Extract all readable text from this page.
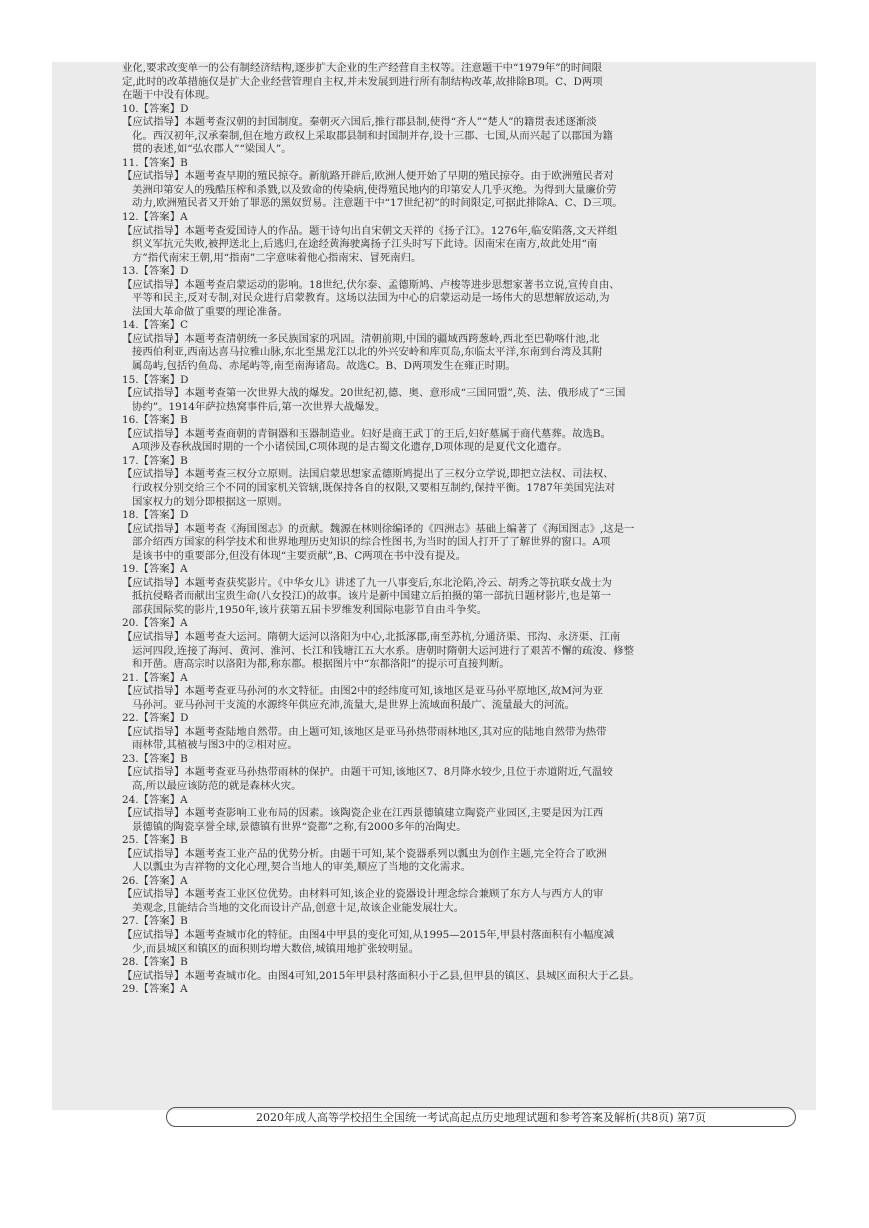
业化,要求改变单一的公有制经济结构,逐步扩大企业的生产经营自主权等。注意题干中“1979年”的时间限
定,此时的改革措施仅是扩大企业经营管理自主权,并未发展到进行所有制结构改革,故排除B项。C、D两项
在题干中没有体现。
10.【答案】D
【应试指导】本题考查汉朝的封国制度。秦朝灭六国后,推行郡县制,使得“齐人”“楚人”的籍贯表述逐渐淡
化。西汉初年,汉承秦制,但在地方政权上采取郡县制和封国制并存,设十三郡、七国,从而兴起了以郡国为籍
贯的表述,如“弘农郡人”“梁国人”。
11.【答案】B
【应试指导】本题考查早期的殖民掠夺。新航路开辟后,欧洲人便开始了早期的殖民掠夺。由于欧洲殖民者对
美洲印第安人的残酷压榨和杀戮,以及致命的传染病,使得殖民地内的印第安人几乎灭绝。为得到大量廉价劳
动力,欧洲殖民者又开始了罪恶的黑奴贸易。注意题干中“17世纪初”的时间限定,可据此排除A、C、D三项。
12.【答案】A
【应试指导】本题考查爱国诗人的作品。题干诗句出自宋朝文天祥的《扬子江》。1276年,临安陷落,文天祥组
织义军抗元失败,被押送北上,后逃归,在途经黄海驶离扬子江头时写下此诗。因南宋在南方,故此处用“南
方”指代南宋王朝,用“指南”二字意味着他心指南宋、冒死南归。
13.【答案】D
【应试指导】本题考查启蒙运动的影响。18世纪,伏尔泰、孟德斯鸠、卢梭等进步思想家著书立说,宣传自由、
平等和民主,反对专制,对民众进行启蒙教育。这场以法国为中心的启蒙运动是一场伟大的思想解放运动,为
法国大革命做了重要的理论准备。
14.【答案】C
【应试指导】本题考查清朝统一多民族国家的巩固。清朝前期,中国的疆域西跨葱岭,西北至巴勒喀什池,北
接西伯利亚,西南达喜马拉雅山脉,东北至黑龙江以北的外兴安岭和库页岛,东临太平洋,东南到台湾及其附
属岛屿,包括钓鱼岛、赤尾屿等,南至南海诸岛。故选C。B、D两项发生在雍正时期。
15.【答案】D
【应试指导】本题考查第一次世界大战的爆发。20世纪初,德、奥、意形成“三国同盟”,英、法、俄形成了“三国
协约”。1914年萨拉热窝事件后,第一次世界大战爆发。
16.【答案】B
【应试指导】本题考查商朝的青铜器和玉器制造业。妇好是商王武丁的王后,妇好墓属于商代墓葬。故选B。
A项涉及春秋战国时期的一个小诸侯国,C项体现的是古蜀文化遗存,D项体现的是夏代文化遗存。
17.【答案】B
【应试指导】本题考查三权分立原则。法国启蒙思想家孟德斯鸠提出了三权分立学说,即把立法权、司法权、
行政权分别交给三个不同的国家机关管辖,既保持各自的权限,又要相互制约,保持平衡。1787年美国宪法对
国家权力的划分即根据这一原则。
18.【答案】D
【应试指导】本题考查《海国图志》的贡献。魏源在林则徐编译的《四洲志》基础上编著了《海国图志》,这是一
部介绍西方国家的科学技术和世界地理历史知识的综合性图书,为当时的国人打开了了解世界的窗口。A项
是该书中的重要部分,但没有体现“主要贡献”,B、C两项在书中没有提及。
19.【答案】A
【应试指导】本题考查获奖影片。《中华女儿》讲述了九一八事变后,东北沦陷,冷云、胡秀之等抗联女战士为
抵抗侵略者而献出宝贵生命(八女投江)的故事。该片是新中国建立后拍摄的第一部抗日题材影片,也是第一
部获国际奖的影片,1950年,该片获第五届卡罗维发利国际电影节自由斗争奖。
20.【答案】A
【应试指导】本题考查大运河。隋朝大运河以洛阳为中心,北抵涿郡,南至苏杭,分通济渠、邗沟、永济渠、江南
运河四段,连接了海河、黄河、淮河、长江和钱塘江五大水系。唐朝时隋朝大运河进行了艰苦不懈的疏浚、修整
和开凿。唐高宗时以洛阳为都,称东都。根据图片中“东都洛阳”的提示可直接判断。
21.【答案】A
【应试指导】本题考查亚马孙河的水文特征。由图2中的经纬度可知,该地区是亚马孙平原地区,故M河为亚
马孙河。亚马孙河干支流的水源终年供应充沛,流量大,是世界上流域面积最广、流量最大的河流。
22.【答案】D
【应试指导】本题考查陆地自然带。由上题可知,该地区是亚马孙热带雨林地区,其对应的陆地自然带为热带
雨林带,其植被与图3中的②相对应。
23.【答案】B
【应试指导】本题考查亚马孙热带雨林的保护。由题干可知,该地区7、8月降水较少,且位于赤道附近,气温较
高,所以最应该防范的就是森林火灾。
24.【答案】A
【应试指导】本题考查影响工业布局的因素。该陶瓷企业在江西景德镇建立陶瓷产业园区,主要是因为江西
景德镇的陶瓷享誉全球,景德镇有世界“瓷都”之称,有2000多年的冶陶史。
25.【答案】B
【应试指导】本题考查工业产品的优势分析。由题干可知,某个瓷器系列以瓢虫为创作主题,完全符合了欧洲
人以瓢虫为吉祥物的文化心理,契合当地人的审美,顺应了当地的文化需求。
26.【答案】A
【应试指导】本题考查工业区位优势。由材料可知,该企业的瓷器设计理念综合兼顾了东方人与西方人的审
美观念,且能结合当地的文化而设计产品,创意十足,故该企业能发展壮大。
27.【答案】B
【应试指导】本题考查城市化的特征。由图4中甲县的变化可知,从1995—2015年,甲县村落面积有小幅度减
少,而县城区和镇区的面积则均增大数倍,城镇用地扩张较明显。
28.【答案】B
【应试指导】本题考查城市化。由图4可知,2015年甲县村落面积小于乙县,但甲县的镇区、县城区面积大于乙县。
29.【答案】A
2020年成人高等学校招生全国统一考试高起点历史地理试题和参考答案及解析(共8页) 第7页
